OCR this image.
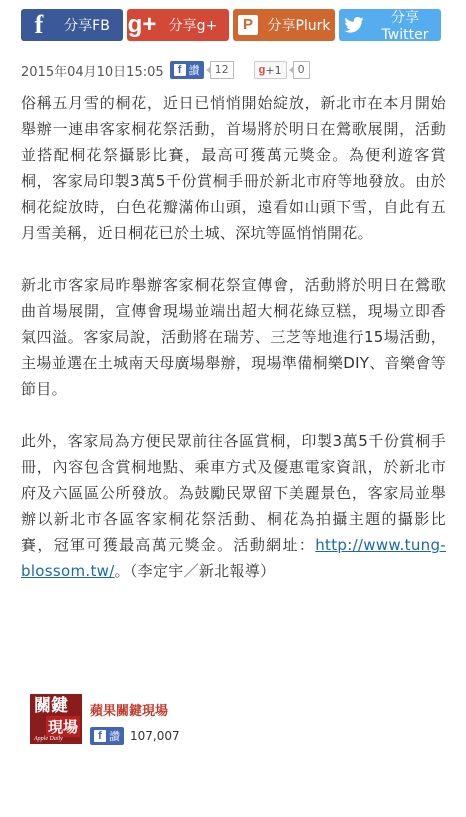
f	分享FB g+ 分享g+	P	分享Plurk	分享Twitter
2015年04月10日15:05	f 讚	12	g +1	0

俗稱五月雪的桐花，近日已悄悄開始綻放，新北市在本月開始舉辦一連串客家桐花祭活動，首場將於明日在鶯歌展開，活動並搭配桐花祭攝影比賽，最高可獲萬元獎金。為便利遊客賞桐，客家局印製3萬5千份賞桐手冊於新北市府等地發放。由於桐花綻放時，白色花瓣滿佈山頭，遠看如山頭下雪，自此有五月雪美稱，近日桐花已於土城、深坑等區悄悄開花。

新北市客家局昨舉辦客家桐花祭宣傳會，活動將於明日在鶯歌曲首場展開，宣傳會現場並端出超大桐花綠豆糕，現場立即香氣四溢。客家局說，活動將在瑞芳、三芝等地進行15場活動，主場並選在土城南天母廣場舉辦，現場準備桐樂DIY、音樂會等節目。

此外，客家局為方便民眾前往各區賞桐，印製3萬5千份賞桐手冊，內容包含賞桐地點、乘車方式及優惠電家資訊，於新北市府及六區區公所發放。為鼓勵民眾留下美麗景色，客家局並舉辦以新北市各區客家桐花祭活動、桐花為拍攝主題的攝影比賽，冠軍可獲最高萬元獎金。活動網址：http://www.tung-blossom.tw/。（李定宇／新北報導）

關鍵
現場
Apple Daily
蘋果關鍵現場
f 讚 107,007
